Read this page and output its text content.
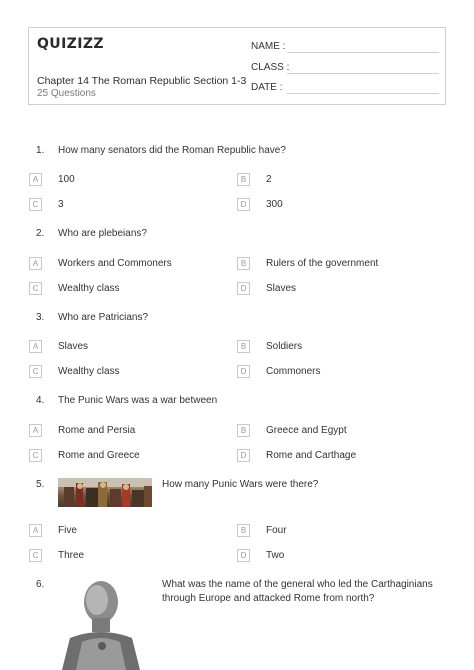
QUIZIZZ
Chapter 14 The Roman Republic Section 1-3
25 Questions
NAME :
CLASS :
DATE :
1. How many senators did the Roman Republic have?
A	100	B	2
C	3	D	300
2. Who are plebeians?
A	Workers and Commoners	B	Rulers of the government
C	Wealthy class	D	Slaves
3. Who are Patricians?
A	Slaves	B	Soldiers
C	Wealthy class	D	Commoners
4. The Punic Wars was a war between
A	Rome and Persia	B	Greece and Egypt
C	Rome and Greece	D	Rome and Carthage
5.	How many Punic Wars were there?
A	Five	B	Four
C	Three	D	Two
6.	What was the name of the general who led the Carthaginians
through Europe and attacked Rome from north?
